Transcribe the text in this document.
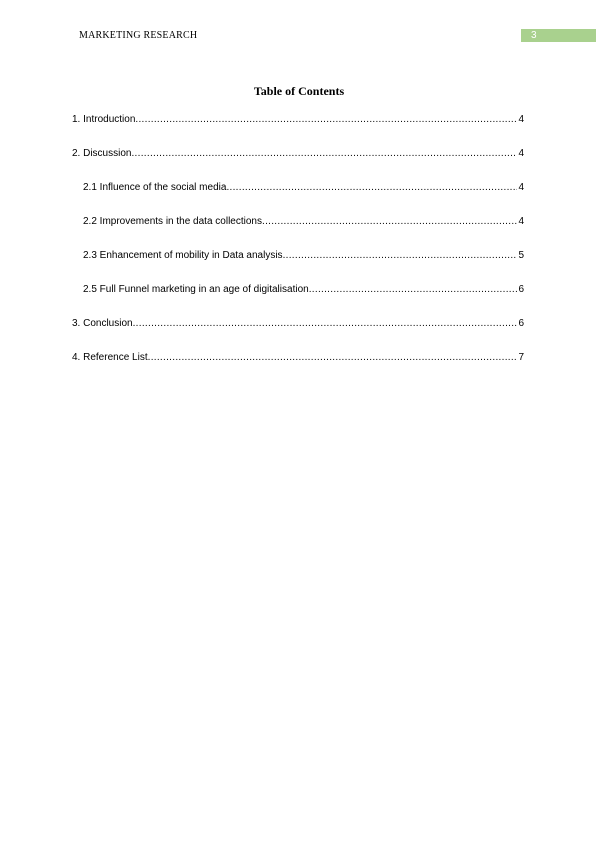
MARKETING RESEARCH	3
Table of Contents
1. Introduction .....	4
2. Discussion .....	4
2.1 Influence of the social media .....	4
2.2 Improvements in the data collections .....	4
2.3 Enhancement of mobility in Data analysis .....	5
2.5 Full Funnel marketing in an age of digitalisation .....	6
3. Conclusion .....	6
4. Reference List .....	7
